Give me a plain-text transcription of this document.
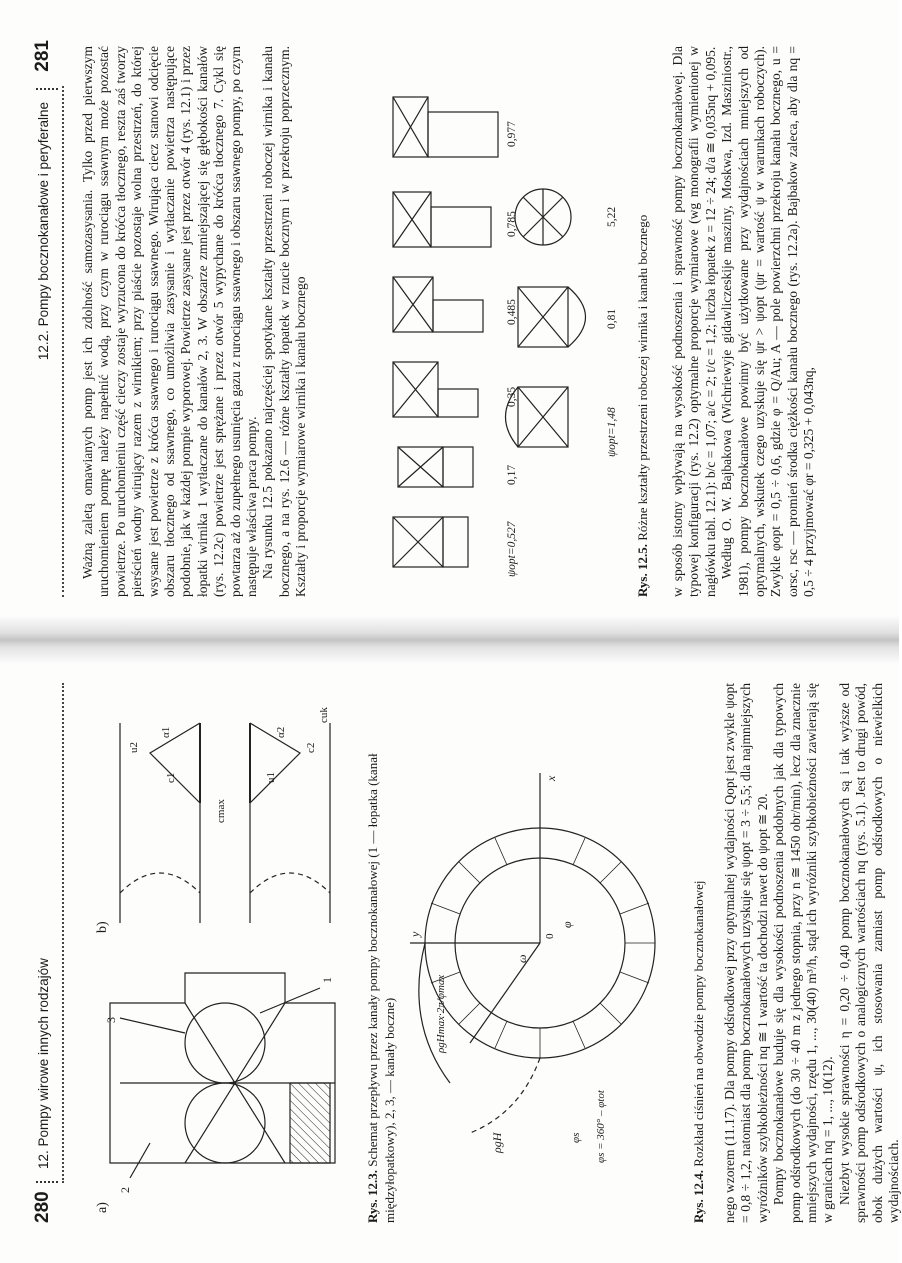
280
12. Pompy wirowe innych rodzajów
a)
b)
2
3
1
u2
α1
c1
cmax
u1
α2
c2
cuk
Rys. 12.3. Schemat przepływu przez kanały pompy bocznokanałowej (1 — łopatka (kanał międzyłopatkowy), 2, 3, — kanały boczne)	ρgH
ω
φ
0
x
y
φs φs = 360° – φtot
ρgHmax·2π/φmax
Rys. 12.4. Rozkład ciśnień na obwodzie pompy bocznokanałowej nego wzorem (11.17). Dla pompy odśrodkowej przy optymalnej wydajności Qopt jest zwykle ψopt = 0,8 ÷ 1,2, natomiast dla pomp bocznokanałowych uzyskuje się ψopt = 3 ÷ 5,5; dla najmniejszych wyróżników szybkobieżności nq ≅ 1 wartość ta dochodzi nawet do ψopt ≅ 20. Pompy bocznokanałowe buduje się dla wysokości podnoszenia podobnych jak dla typowych pomp odśrodkowych (do 30 ÷ 40 m z jednego stopnia, przy n ≅ 1450 obr/min), lecz dla znacznie mniejszych wydajności, rzędu 1, ..., 30(40) m³/h, stąd ich wyróżniki szybkobieżności zawierają się w granicach nq = 1, ..., 10(12). Niezbyt wysokie sprawności η = 0,20 ÷ 0,40 pomp bocznokanałowych są i tak wyższe od sprawności pomp odśrodkowych o analogicznych wartościach nq (rys. 5.1). Jest to drugi powód, obok dużych wartości ψ, ich stosowania zamiast pomp odśrodkowych o niewielkich wydajnościach.

12.2. Pompy bocznokanałowe i peryferalne
281 Ważną zaletą omawianych pomp jest ich zdolność samozasysania. Tylko przed pierwszym uruchomieniem pompę należy napełnić wodą, przy czym w rurociągu ssawnym może pozostać powietrze. Po uruchomieniu część cieczy zostaje wyrzucona do króćca tłocznego, reszta zaś tworzy pierścień wodny wirujący razem z wirnikiem; przy piaście pozostaje wolna przestrzeń, do której wsysane jest powietrze z króćca ssawnego i rurociągu ssawnego. Wirująca ciecz stanowi odcięcie obszaru tłocznego od ssawnego, co umożliwia zasysanie i wytłaczanie powietrza następujące podobnie, jak w każdej pompie wyporowej. Powietrze zasysane jest przez otwór 4 (rys. 12.1) i przez łopatki wirnika 1 wytłaczane do kanałów 2, 3. W obszarze zmniejszającej się głębokości kanałów (rys. 12.2c) powietrze jest sprężane i przez otwór 5 wypychane do króćca tłocznego 7. Cykl się powtarza aż do zupełnego usunięcia gazu z rurociągu ssawnego i obszaru ssawnego pompy, po czym następuje właściwa praca pompy. Na rysunku 12.5 pokazano najczęściej spotykane kształty przestrzeni roboczej wirnika i kanału bocznego, a na rys. 12.6 — różne kształty łopatek w rzucie bocznym i w przekroju poprzecznym. Kształty i proporcje wymiarowe wirnika i kanału bocznego	ψopt=0,527
0,17
0,35
0,485
0,785
0,977
ψopt=1,48
0,81
5,22
Rys. 12.5. Różne kształty przestrzeni roboczej wirnika i kanału bocznego w sposób istotny wpływają na wysokość podnoszenia i sprawność pompy bocznokanałowej. Dla typowej konfiguracji (rys. 12.2) optymalne proporcje wymiarowe (wg monografii wymienionej w nagłówku tabl. 12.1): b/c = 1,07; a/c = 2; t/c = 1,2; liczba łopatek z = 12 ÷ 24; d/a ≅ 0,035nq + 0,095. Według O. W. Bajbakowa (Wichriewyje gidawliczeskije masziny, Moskwa, Izd. Masziniostr., 1981), pompy bocznokanałowe powinny być użytkowane przy wydajnościach mniejszych od optymalnych, wskutek czego uzyskuje się ψr > ψopt (ψr = wartość ψ w warunkach roboczych). Zwykle φopt = 0,5 ÷ 0,6, gdzie φ = Q/Au; A — pole powierzchni przekroju kanału bocznego, u = ωrsc, rsc — promień środka ciężkości kanału bocznego (rys. 12.2a). Bajbakow zaleca, aby dla nq = 0,5 ÷ 4 przyjmować φr = 0,325 + 0,043nq,
